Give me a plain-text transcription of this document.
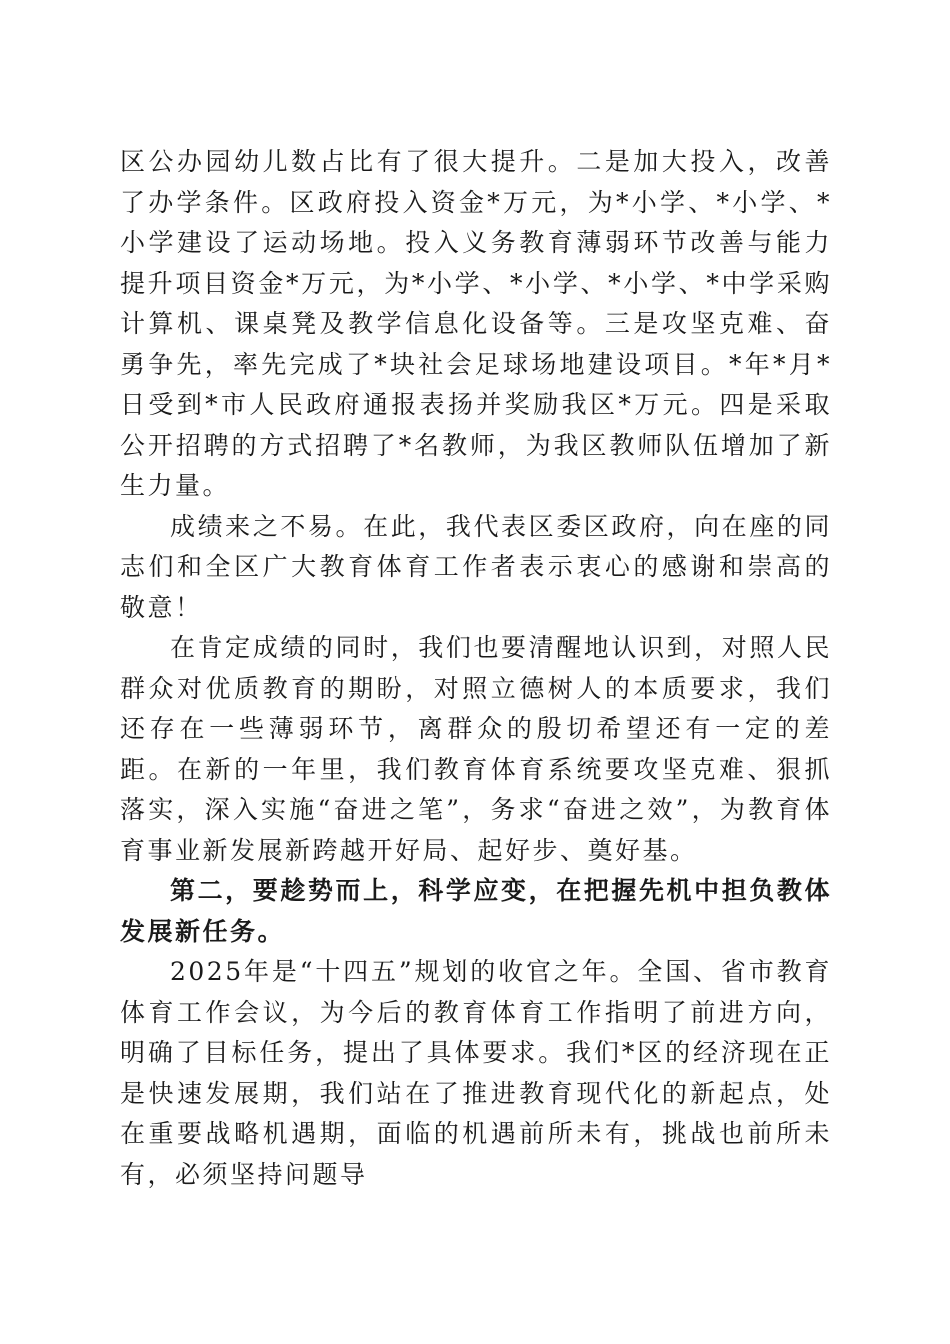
区公办园幼儿数占比有了很大提升。二是加大投入，改善了办学条件。区政府投入资金*万元，为*小学、*小学、*小学建设了运动场地。投入义务教育薄弱环节改善与能力提升项目资金*万元，为*小学、*小学、*小学、*中学采购计算机、课桌凳及教学信息化设备等。三是攻坚克难、奋勇争先，率先完成了*块社会足球场地建设项目。*年*月*日受到*市人民政府通报表扬并奖励我区*万元。四是采取公开招聘的方式招聘了*名教师，为我区教师队伍增加了新生力量。

成绩来之不易。在此，我代表区委区政府，向在座的同志们和全区广大教育体育工作者表示衷心的感谢和崇高的敬意！

在肯定成绩的同时，我们也要清醒地认识到，对照人民群众对优质教育的期盼，对照立德树人的本质要求，我们还存在一些薄弱环节，离群众的殷切希望还有一定的差距。在新的一年里，我们教育体育系统要攻坚克难、狠抓落实，深入实施“奋进之笔”，务求“奋进之效”，为教育体育事业新发展新跨越开好局、起好步、奠好基。

第二，要趁势而上，科学应变，在把握先机中担负教体发展新任务。

2025年是“十四五”规划的收官之年。全国、省市教育体育工作会议，为今后的教育体育工作指明了前进方向，明确了目标任务，提出了具体要求。我们*区的经济现在正是快速发展期，我们站在了推进教育现代化的新起点，处在重要战略机遇期，面临的机遇前所未有，挑战也前所未有，必须坚持问题导
